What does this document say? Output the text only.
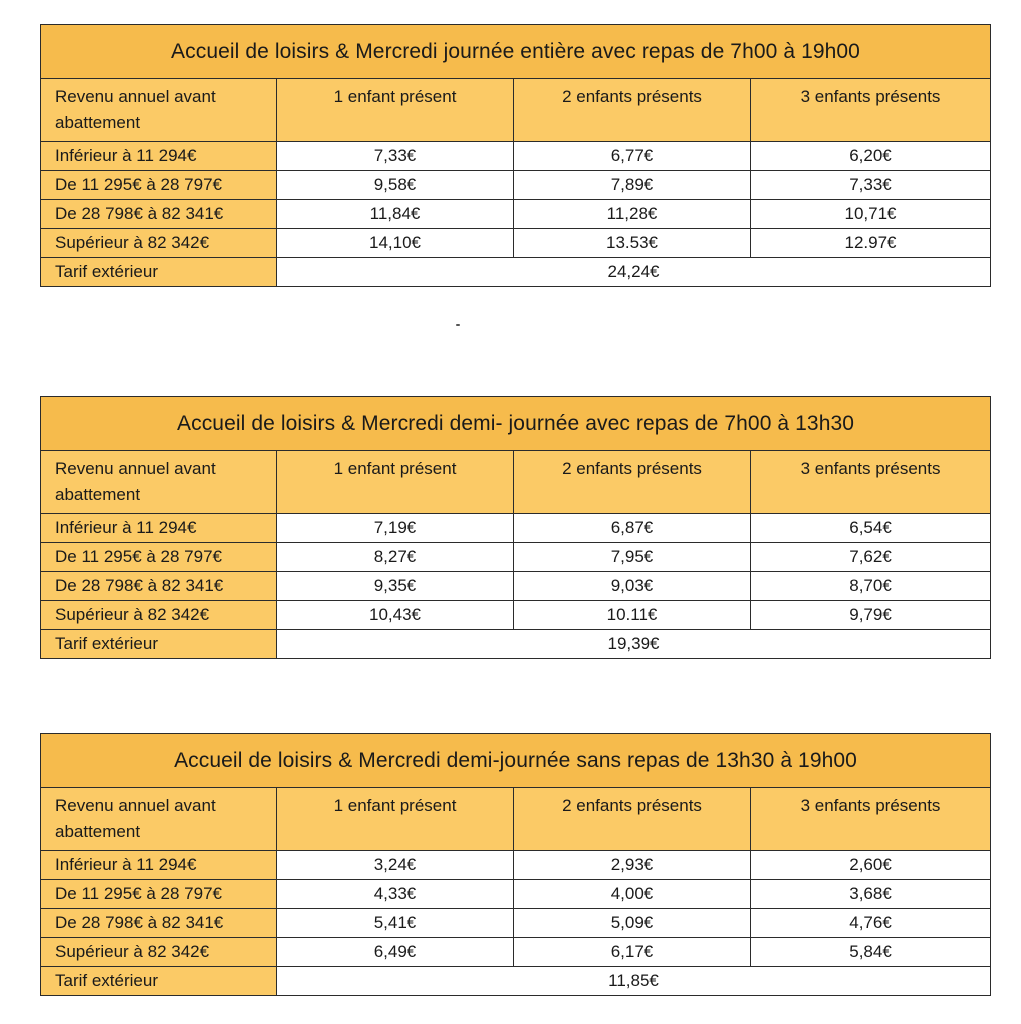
Accueil de loisirs & Mercredi journée entière avec repas de 7h00 à 19h00			
Revenu annuel avant abattement	1 enfant présent	2 enfants présents	3 enfants présents
Inférieur à 11 294€	7,33€	6,77€	6,20€
De 11 295€ à 28 797€	9,58€	7,89€	7,33€
De 28 798€ à 82 341€	11,84€	11,28€	10,71€
Supérieur à 82 342€	14,10€	13.53€	12.97€
Tarif extérieur	24,24€		
Accueil de loisirs & Mercredi demi- journée avec repas de 7h00 à 13h30			
Revenu annuel avant abattement	1 enfant présent	2 enfants présents	3 enfants présents
Inférieur à 11 294€	7,19€	6,87€	6,54€
De 11 295€ à 28 797€	8,27€	7,95€	7,62€
De 28 798€ à 82 341€	9,35€	9,03€	8,70€
Supérieur à 82 342€	10,43€	10.11€	9,79€
Tarif extérieur	19,39€		
Accueil de loisirs & Mercredi demi-journée sans repas de 13h30 à 19h00			
Revenu annuel avant abattement	1 enfant présent	2 enfants présents	3 enfants présents
Inférieur à 11 294€	3,24€	2,93€	2,60€
De 11 295€ à 28 797€	4,33€	4,00€	3,68€
De 28 798€ à 82 341€	5,41€	5,09€	4,76€
Supérieur à 82 342€	6,49€	6,17€	5,84€
Tarif extérieur	11,85€		
